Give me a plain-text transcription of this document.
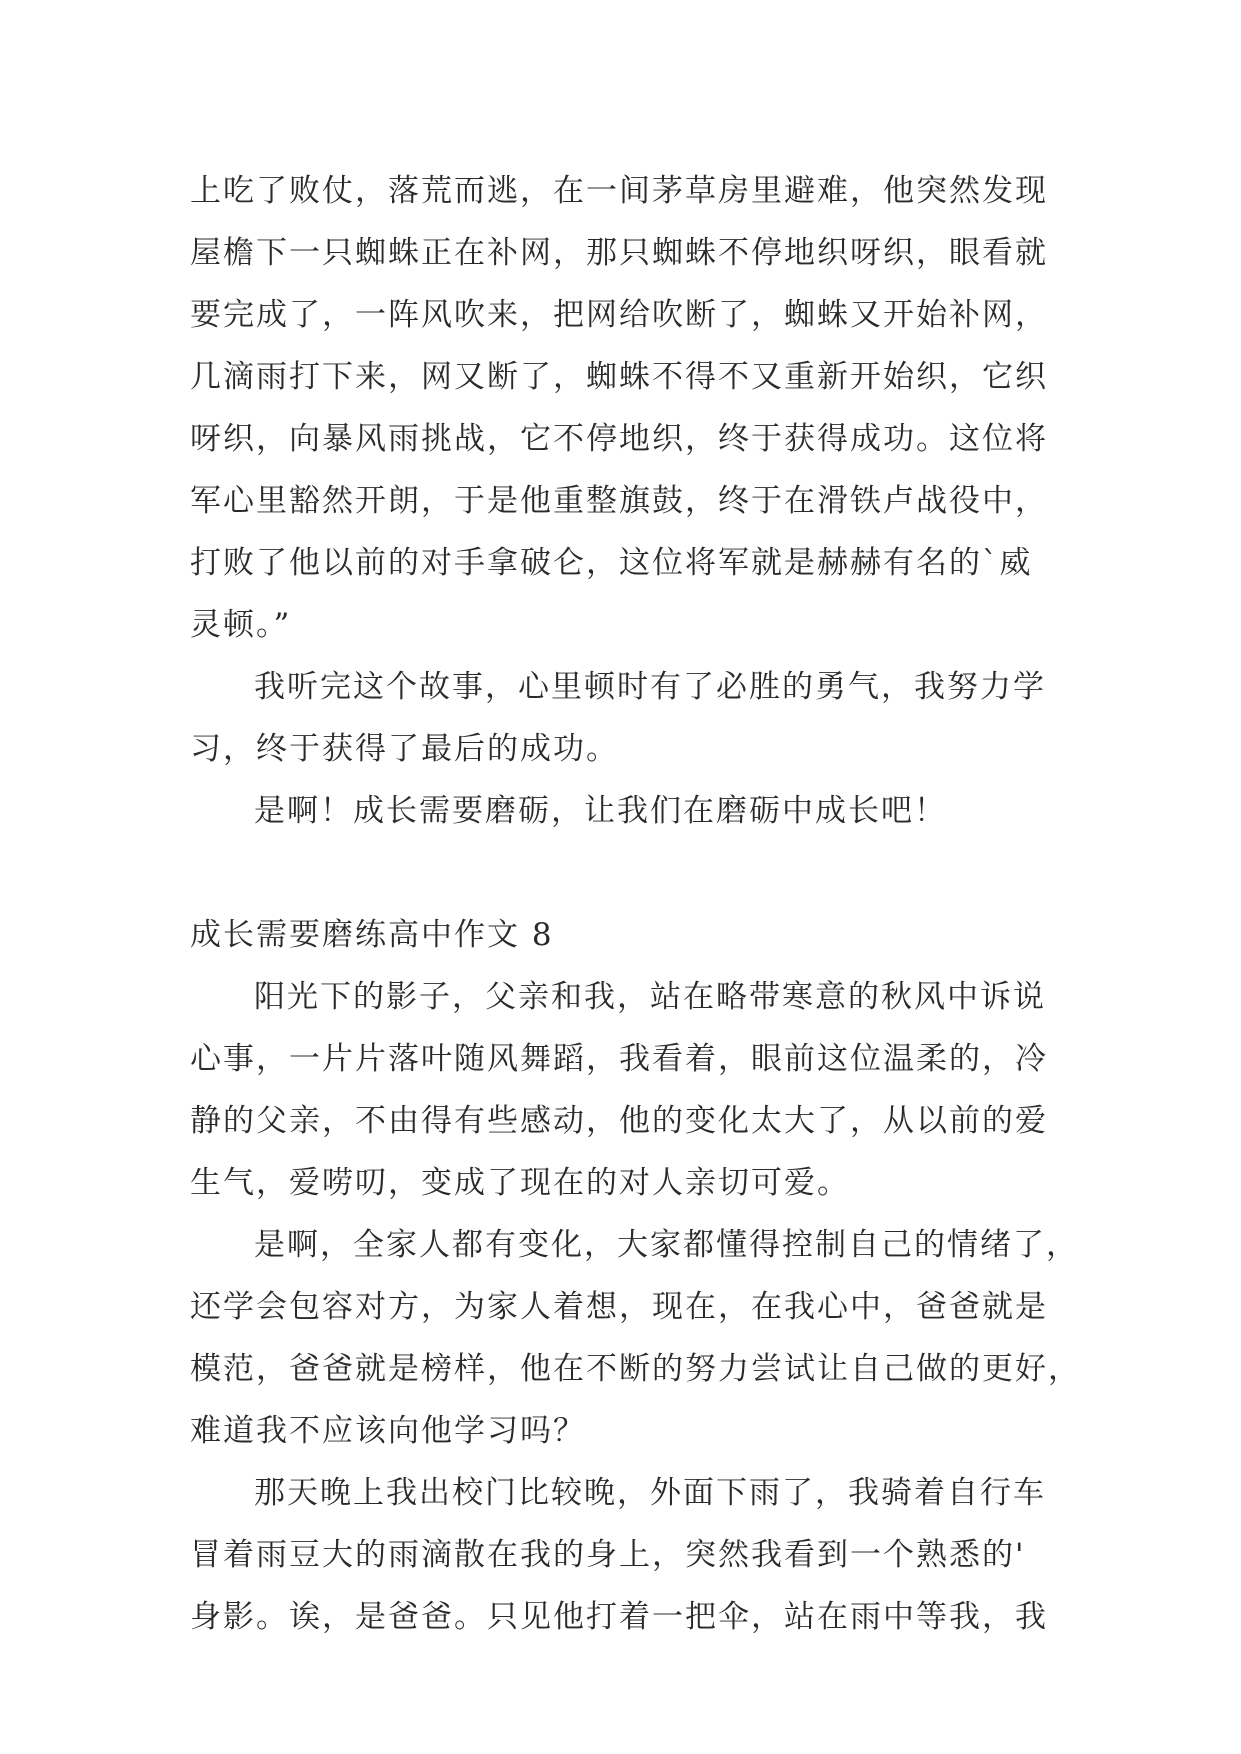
上吃了败仗，落荒而逃，在一间茅草房里避难，他突然发现
屋檐下一只蜘蛛正在补网，那只蜘蛛不停地织呀织，眼看就
要完成了，一阵风吹来，把网给吹断了，蜘蛛又开始补网，
几滴雨打下来，网又断了，蜘蛛不得不又重新开始织，它织
呀织，向暴风雨挑战，它不停地织，终于获得成功。这位将
军心里豁然开朗，于是他重整旗鼓，终于在滑铁卢战役中，
打败了他以前的对手拿破仑，这位将军就是赫赫有名的`威
灵顿。”
我听完这个故事，心里顿时有了必胜的勇气，我努力学
习，终于获得了最后的成功。
是啊！成长需要磨砺，让我们在磨砺中成长吧！
成长需要磨练高中作文 8
阳光下的影子，父亲和我，站在略带寒意的秋风中诉说
心事，一片片落叶随风舞蹈，我看着，眼前这位温柔的，冷
静的父亲，不由得有些感动，他的变化太大了，从以前的爱
生气，爱唠叨，变成了现在的对人亲切可爱。
是啊，全家人都有变化，大家都懂得控制自己的情绪了，
还学会包容对方，为家人着想，现在，在我心中，爸爸就是
模范，爸爸就是榜样，他在不断的努力尝试让自己做的更好，
难道我不应该向他学习吗？
那天晚上我出校门比较晚，外面下雨了，我骑着自行车
冒着雨豆大的雨滴散在我的身上，突然我看到一个熟悉的'
身影。诶，是爸爸。只见他打着一把伞，站在雨中等我，我
